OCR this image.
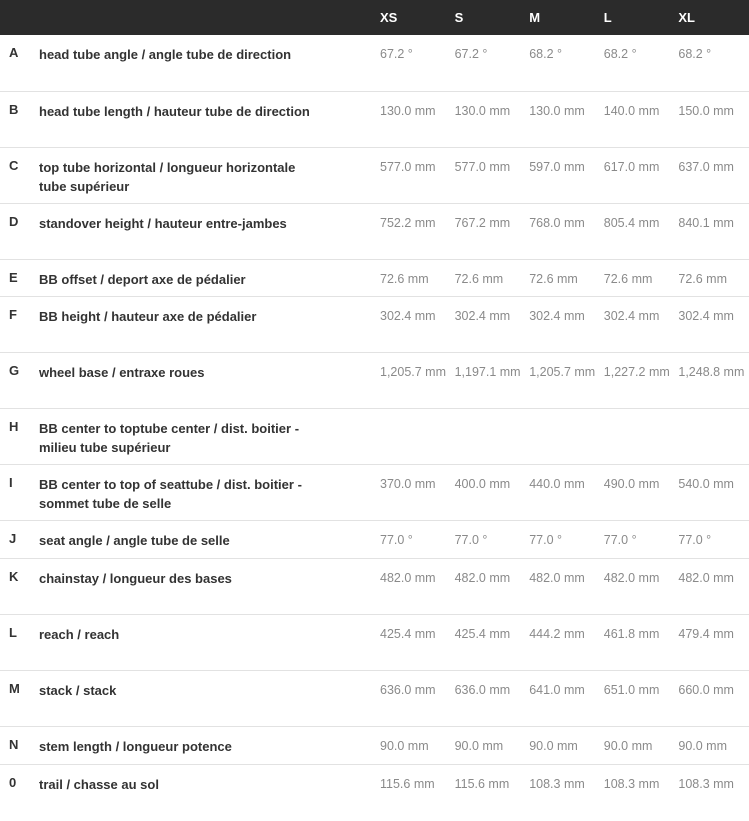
		XS	S	M	L	XL
A	head tube angle / angle tube de direction	67.2 °	67.2 °	68.2 °	68.2 °	68.2 °
B	head tube length / hauteur tube de direction	130.0 mm	130.0 mm	130.0 mm	140.0 mm	150.0 mm
C	top tube horizontal / longueur horizontale tube supérieur	577.0 mm	577.0 mm	597.0 mm	617.0 mm	637.0 mm
D	standover height / hauteur entre-jambes	752.2 mm	767.2 mm	768.0 mm	805.4 mm	840.1 mm
E	BB offset / deport axe de pédalier	72.6 mm	72.6 mm	72.6 mm	72.6 mm	72.6 mm
F	BB height / hauteur axe de pédalier	302.4 mm	302.4 mm	302.4 mm	302.4 mm	302.4 mm
G	wheel base / entraxe roues	1,205.7 mm	1,197.1 mm	1,205.7 mm	1,227.2 mm	1,248.8 mm
H	BB center to toptube center / dist. boitier - milieu tube supérieur					
I	BB center to top of seattube / dist. boitier - sommet tube de selle	370.0 mm	400.0 mm	440.0 mm	490.0 mm	540.0 mm
J	seat angle / angle tube de selle	77.0 °	77.0 °	77.0 °	77.0 °	77.0 °
K	chainstay / longueur des bases	482.0 mm	482.0 mm	482.0 mm	482.0 mm	482.0 mm
L	reach / reach	425.4 mm	425.4 mm	444.2 mm	461.8 mm	479.4 mm
M	stack / stack	636.0 mm	636.0 mm	641.0 mm	651.0 mm	660.0 mm
N	stem length / longueur potence	90.0 mm	90.0 mm	90.0 mm	90.0 mm	90.0 mm
0	trail / chasse au sol	115.6 mm	115.6 mm	108.3 mm	108.3 mm	108.3 mm
